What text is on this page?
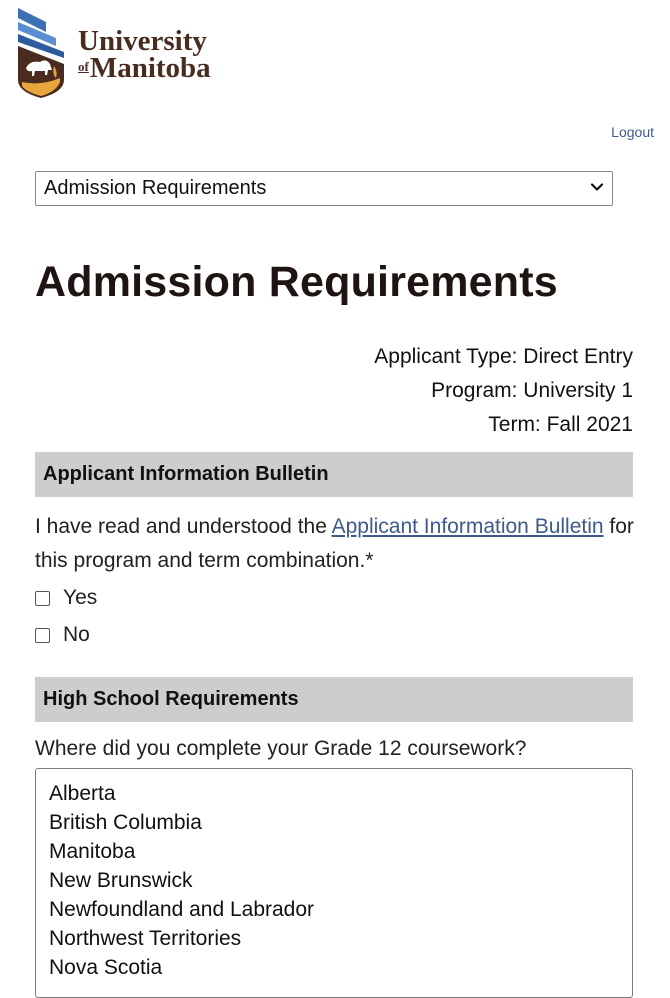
University
$^{of}$Manitoba
Logout
Admission Requirements
Admission Requirements
Applicant Type: Direct Entry
Program: University 1
Term: Fall 2021
Applicant Information Bulletin
I have read and understood the Applicant Information Bulletin for this program and term combination.*
Yes
No
High School Requirements
Where did you complete your Grade 12 coursework?
Alberta
British Columbia
Manitoba
New Brunswick
Newfoundland and Labrador
Northwest Territories
Nova Scotia
